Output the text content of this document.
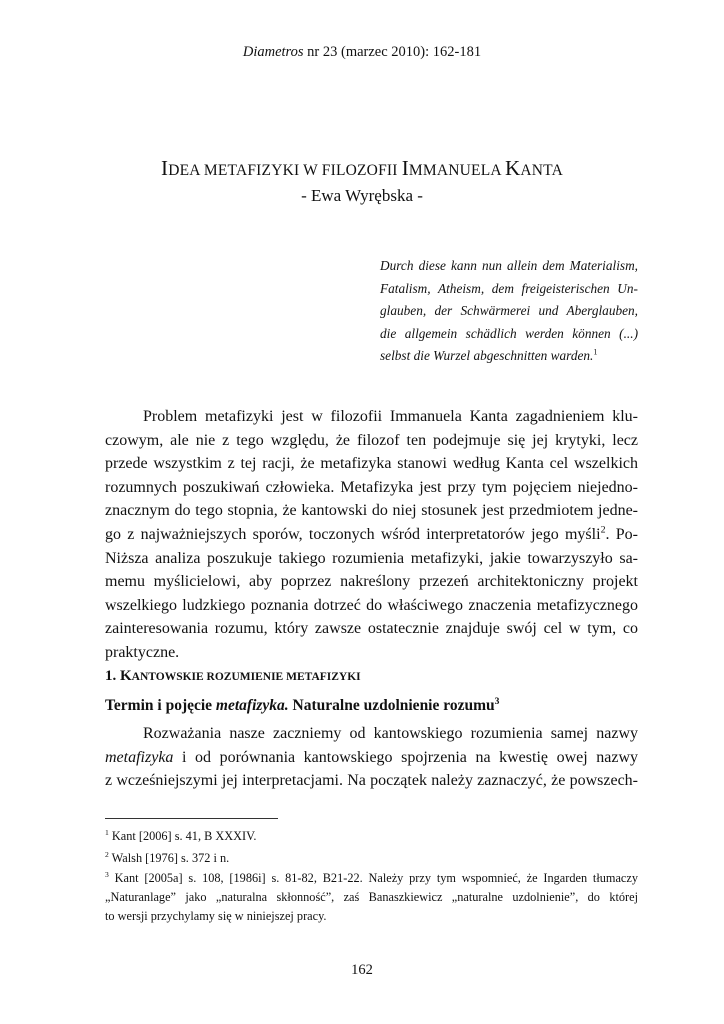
Diametros nr 23 (marzec 2010): 162-181
IDEA METAFIZYKI W FILOZOFII IMMANUELA KANTA
- Ewa Wyrębska -
Durch diese kann nun allein dem Materialism,
Fatalism, Atheism, dem freigeisterischen Un-
glauben, der Schwärmerei und Aberglauben,
die allgemein schädlich werden können (...)
selbst die Wurzel abgeschnitten warden.$^1$
Problem metafizyki jest w filozofii Immanuela Kanta zagadnieniem klu-
czowym, ale nie z tego względu, że filozof ten podejmuje się jej krytyki, lecz
przede wszystkim z tej racji, że metafizyka stanowi według Kanta cel wszelkich
rozumnych poszukiwań człowieka. Metafizyka jest przy tym pojęciem niejedno-
znacznym do tego stopnia, że kantowski do niej stosunek jest przedmiotem jedne-
go z najważniejszych sporów, toczonych wśród interpretatorów jego myśli$^2$. Po-
Niższa analiza poszukuje takiego rozumienia metafizyki, jakie towarzyszyło sa-
memu myślicielowi, aby poprzez nakreślony przezeń architektoniczny projekt
wszelkiego ludzkiego poznania dotrzeć do właściwego znaczenia metafizycznego
zainteresowania rozumu, który zawsze ostatecznie znajduje swój cel w tym, co
praktyczne.
1. KANTOWSKIE ROZUMIENIE METAFIZYKI
Termin i pojęcie metafizyka. Naturalne uzdolnienie rozumu$^3$
Rozważania nasze zaczniemy od kantowskiego rozumienia samej nazwy
metafizyka i od porównania kantowskiego spojrzenia na kwestię owej nazwy
z wcześniejszymi jej interpretacjami. Na początek należy zaznaczyć, że powszech-
$^1$ Kant [2006] s. 41, B XXXIV.
$^2$ Walsh [1976] s. 372 i n.
$^3$ Kant [2005a] s. 108, [1986i] s. 81-82, B21-22. Należy przy tym wspomnieć, że Ingarden tłumaczy
„Naturanlage” jako „naturalna skłonność”, zaś Banaszkiewicz „naturalne uzdolnienie”, do której
to wersji przychylamy się w niniejszej pracy.
162
